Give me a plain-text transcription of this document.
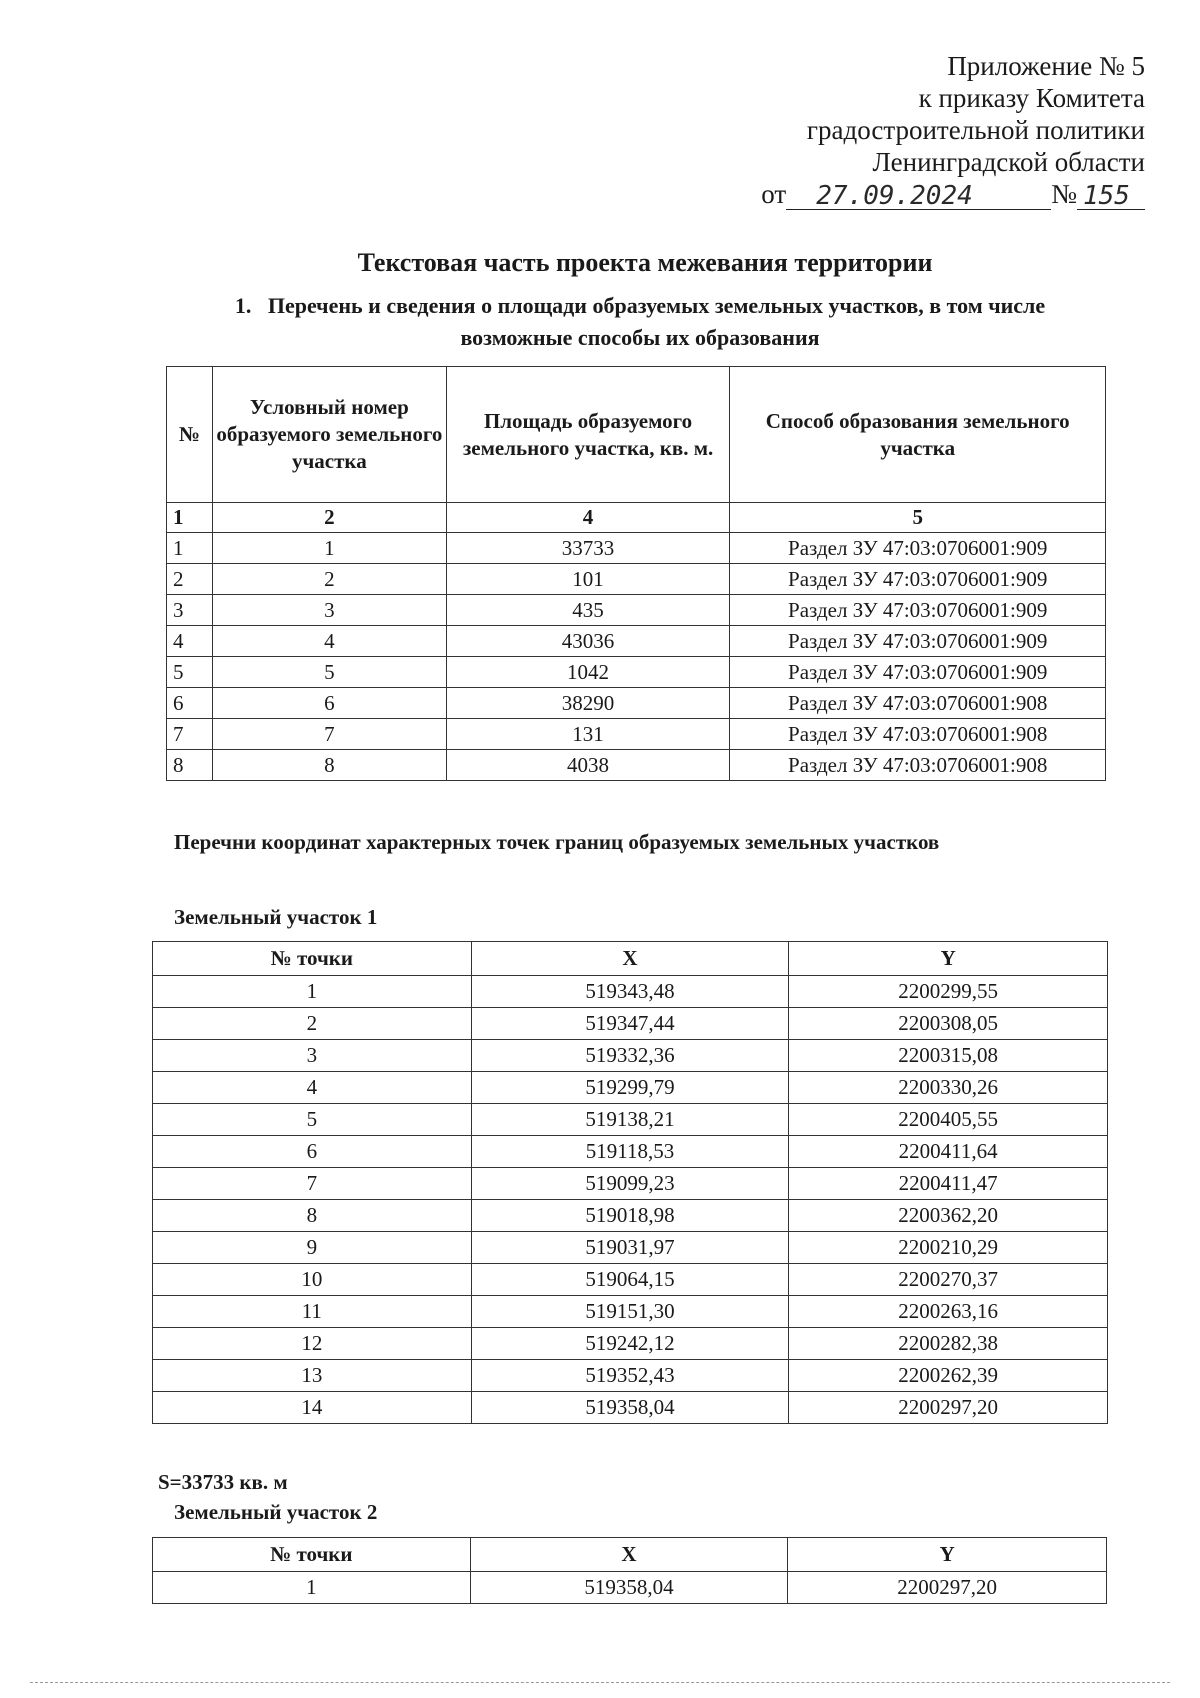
Приложение № 5
к приказу Комитета
градостроительной политики
Ленинградской области
от	27.09.2024	№ 155
Текстовая часть проекта межевания территории
1. Перечень и сведения о площади образуемых земельных участков, в том числе
возможные способы их образования
№	Условный номер образуемого земельного участка	Площадь образуемого земельного участка, кв. м.	Способ образования земельного участка
1	2	4	5
1	1	33733	Раздел ЗУ 47:03:0706001:909
2	2	101	Раздел ЗУ 47:03:0706001:909
3	3	435	Раздел ЗУ 47:03:0706001:909
4	4	43036	Раздел ЗУ 47:03:0706001:909
5	5	1042	Раздел ЗУ 47:03:0706001:909
6	6	38290	Раздел ЗУ 47:03:0706001:908
7	7	131	Раздел ЗУ 47:03:0706001:908
8	8	4038	Раздел ЗУ 47:03:0706001:908
Перечни координат характерных точек границ образуемых земельных участков
Земельный участок 1
№ точки	X	Y
1	519343,48	2200299,55
2	519347,44	2200308,05
3	519332,36	2200315,08
4	519299,79	2200330,26
5	519138,21	2200405,55
6	519118,53	2200411,64
7	519099,23	2200411,47
8	519018,98	2200362,20
9	519031,97	2200210,29
10	519064,15	2200270,37
11	519151,30	2200263,16
12	519242,12	2200282,38
13	519352,43	2200262,39
14	519358,04	2200297,20
S=33733 кв. м
Земельный участок 2
№ точки	X	Y
1	519358,04	2200297,20
